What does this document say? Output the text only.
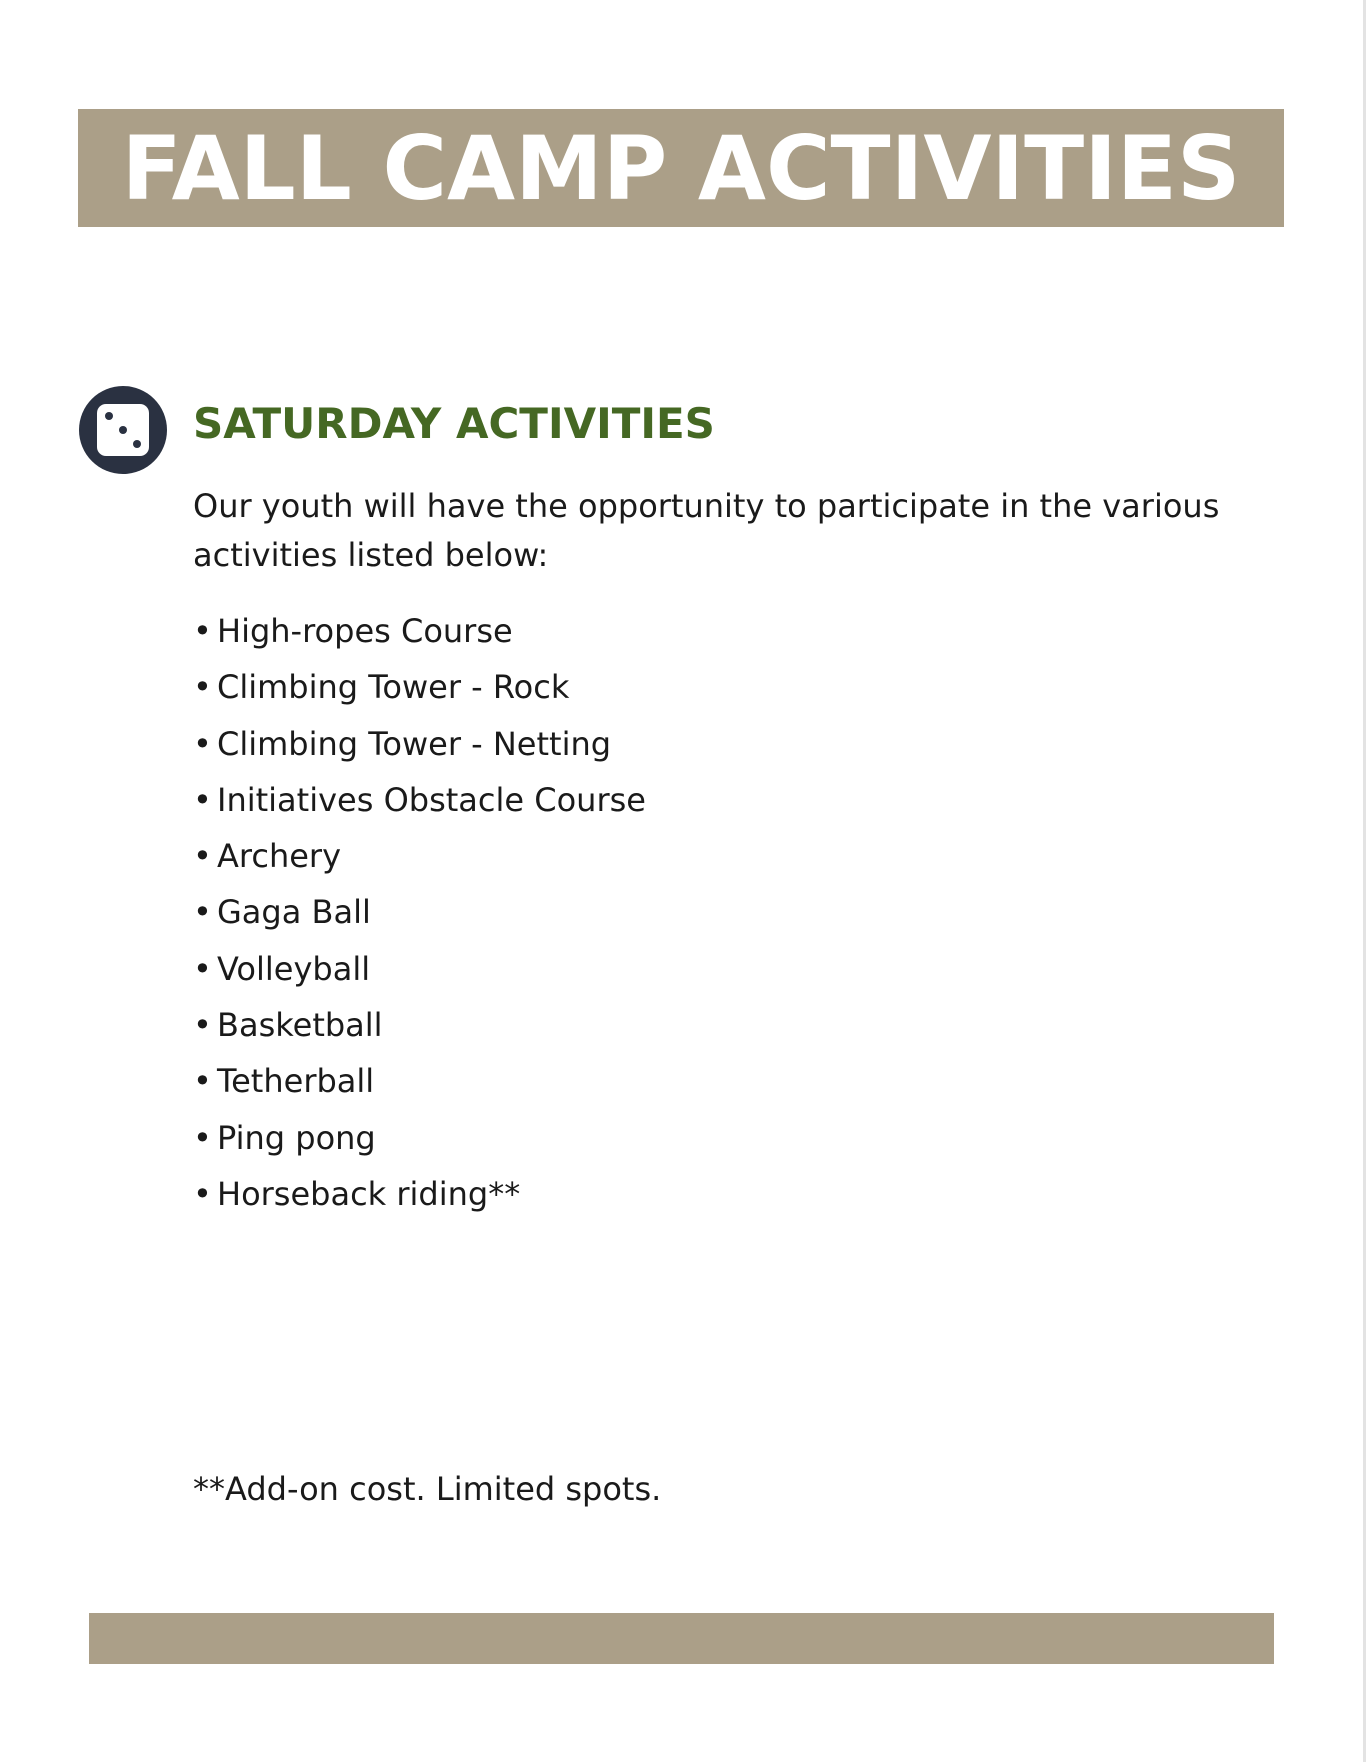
FALL CAMP ACTIVITIES
SATURDAY ACTIVITIES

Our youth will have the opportunity to participate in the various activities listed below:

• High-ropes Course
• Climbing Tower - Rock
• Climbing Tower - Netting
• Initiatives Obstacle Course
• Archery
• Gaga Ball
• Volleyball
• Basketball
• Tetherball
• Ping pong
• Horseback riding**

**Add-on cost. Limited spots.
